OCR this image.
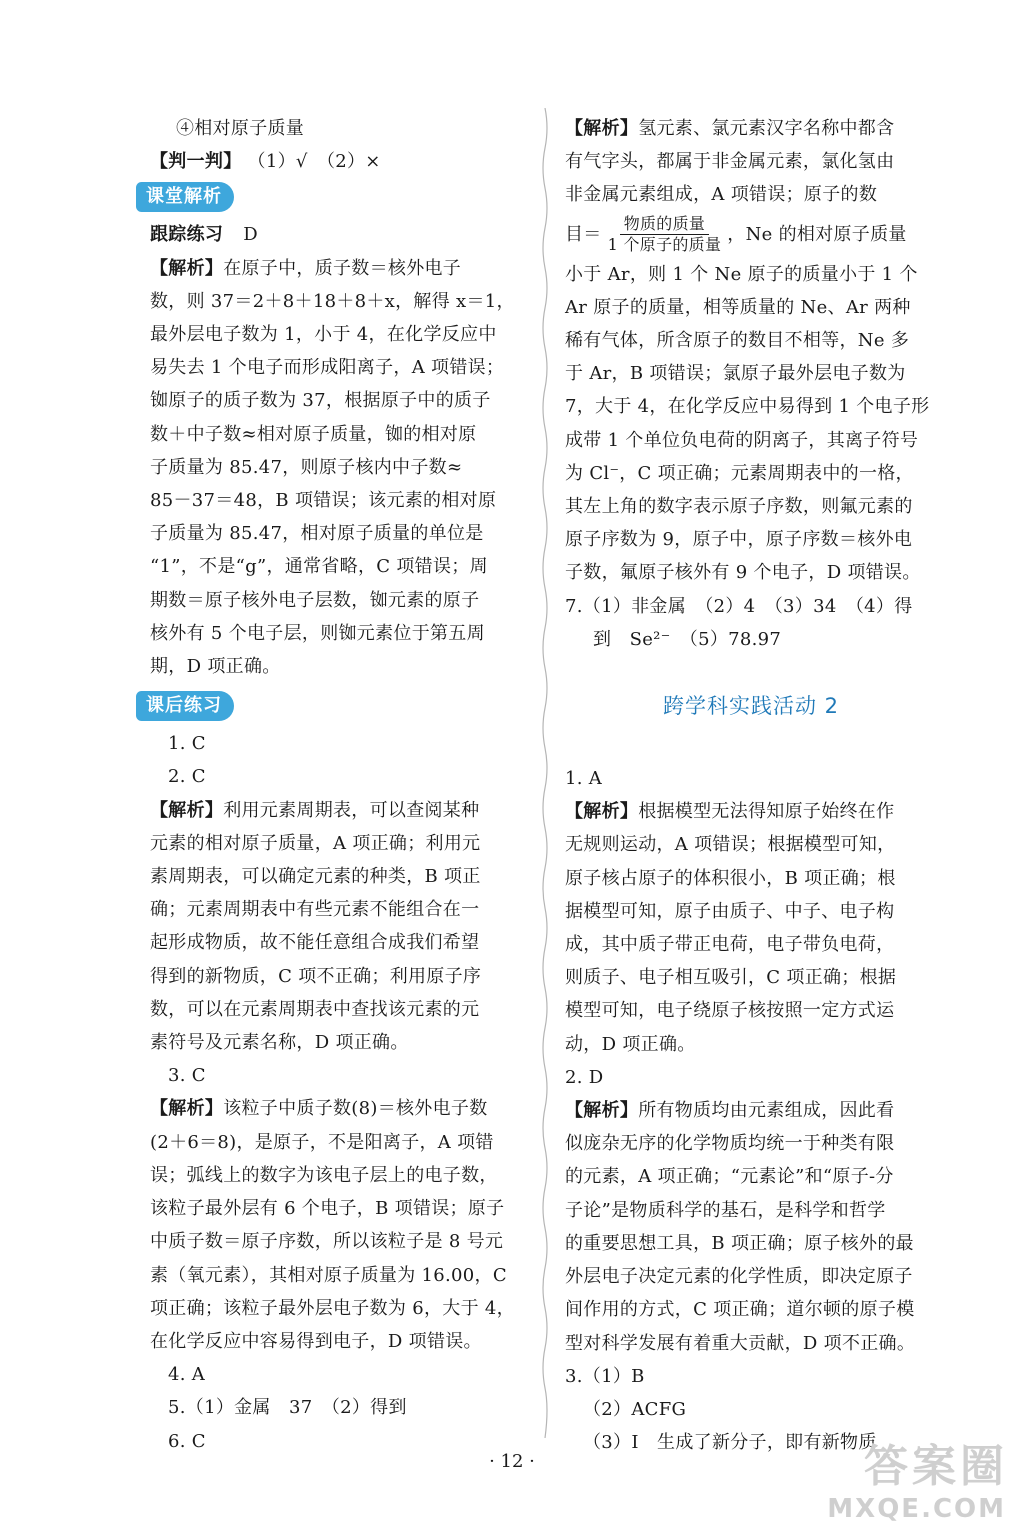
④相对原子质量

【判一判】 （1）√　（2）×

课堂解析

跟踪练习 D

【解析】在原子中，质子数＝核外电子

数，则 37＝2＋8＋18＋8＋x，解得 x＝1，

最外层电子数为 1，小于 4，在化学反应中

易失去 1 个电子而形成阳离子，A 项错误；

铷原子的质子数为 37，根据原子中的质子

数＋中子数≈相对原子质量，铷的相对原

子质量为 85.47，则原子核内中子数≈

85－37＝48，B 项错误；该元素的相对原

子质量为 85.47，相对原子质量的单位是

“1”，不是“g”，通常省略，C 项错误；周

期数＝原子核外电子层数，铷元素的原子

核外有 5 个电子层，则铷元素位于第五周

期，D 项正确。

课后练习

1. C

2. C

【解析】利用元素周期表，可以查阅某种

元素的相对原子质量，A 项正确；利用元

素周期表，可以确定元素的种类，B 项正

确；元素周期表中有些元素不能组合在一

起形成物质，故不能任意组合成我们希望

得到的新物质，C 项不正确；利用原子序

数，可以在元素周期表中查找该元素的元

素符号及元素名称，D 项正确。

3. C

【解析】该粒子中质子数(8)＝核外电子数

(2＋6＝8)，是原子，不是阳离子，A 项错

误；弧线上的数字为该电子层上的电子数，

该粒子最外层有 6 个电子，B 项错误；原子

中质子数＝原子序数，所以该粒子是 8 号元

素（氧元素），其相对原子质量为 16.00，C

项正确；该粒子最外层电子数为 6，大于 4，

在化学反应中容易得到电子，D 项错误。

4. A

5.（1）金属　37　（2）得到

6. C

【解析】氢元素、氯元素汉字名称中都含

有气字头，都属于非金属元素，氯化氢由

非金属元素组成，A 项错误；原子的数

目＝ $\frac{\text{物质的质量}}{\text{1 个原子的质量}}$ ，Ne 的相对原子质量

小于 Ar，则 1 个 Ne 原子的质量小于 1 个

Ar 原子的质量，相等质量的 Ne、Ar 两种

稀有气体，所含原子的数目不相等，Ne 多

于 Ar，B 项错误；氯原子最外层电子数为

7，大于 4，在化学反应中易得到 1 个电子形

成带 1 个单位负电荷的阴离子，其离子符号

为 Cl⁻，C 项正确；元素周期表中的一格，

其左上角的数字表示原子序数，则氟元素的

原子序数为 9，原子中，原子序数＝核外电

子数，氟原子核外有 9 个电子，D 项错误。

7.（1）非金属　（2）4　（3）34　（4）得

到　Se²⁻　（5）78.97

跨学科实践活动 2

1. A

【解析】根据模型无法得知原子始终在作

无规则运动，A 项错误；根据模型可知，

原子核占原子的体积很小，B 项正确；根

据模型可知，原子由质子、中子、电子构

成，其中质子带正电荷，电子带负电荷，

则质子、电子相互吸引，C 项正确；根据

模型可知，电子绕原子核按照一定方式运

动，D 项正确。

2. D

【解析】所有物质均由元素组成，因此看

似庞杂无序的化学物质均统一于种类有限

的元素，A 项正确；“元素论”和“原子-分

子论”是物质科学的基石，是科学和哲学

的重要思想工具，B 项正确；原子核外的最

外层电子决定元素的化学性质，即决定原子

间作用的方式，C 项正确；道尔顿的原子模

型对科学发展有着重大贡献，D 项不正确。

3.（1）B

（2）ACFG

（3）Ⅰ　生成了新分子，即有新物质

· 12 ·	答案圈
MXQE.COM
